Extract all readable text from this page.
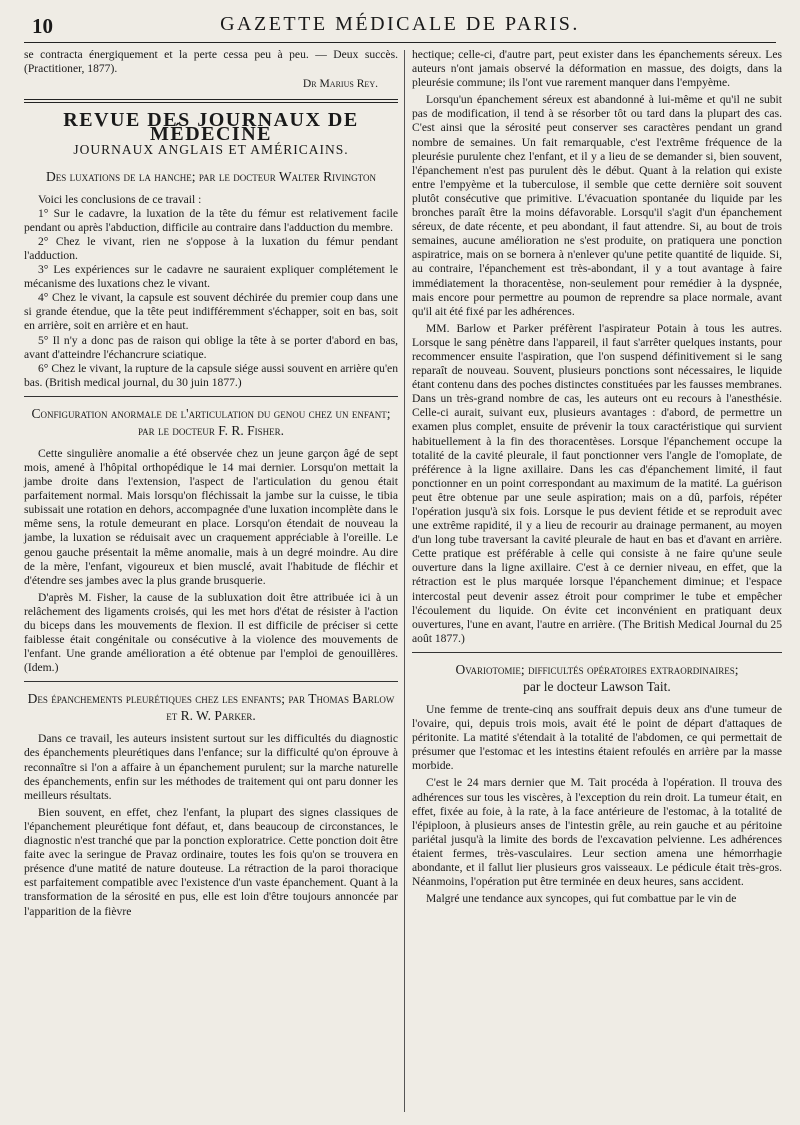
10	GAZETTE MÉDICALE DE PARIS.

se contracta énergiquement et la perte cessa peu à peu. — Deux succès. (Practitioner, 1877).

Dr Marius Rey.

REVUE DES JOURNAUX DE MÉDECINE
JOURNAUX ANGLAIS ET AMÉRICAINS.
Des luxations de la hanche; par le docteur Walter Rivington

Voici les conclusions de ce travail :

1° Sur le cadavre, la luxation de la tête du fémur est relativement facile pendant ou après l'abduction, difficile au contraire dans l'adduction du membre.

2° Chez le vivant, rien ne s'oppose à la luxation du fémur pendant l'adduction.

3° Les expériences sur le cadavre ne sauraient expliquer complétement le mécanisme des luxations chez le vivant.

4° Chez le vivant, la capsule est souvent déchirée du premier coup dans une si grande étendue, que la tête peut indifféremment s'échapper, soit en bas, soit en arrière, soit en arrière et en haut.

5° Il n'y a donc pas de raison qui oblige la tête à se porter d'abord en bas, avant d'atteindre l'échancrure sciatique.

6° Chez le vivant, la rupture de la capsule siége aussi souvent en arrière qu'en bas. (British medical journal, du 30 juin 1877.)

Configuration anormale de l'articulation du genou chez un enfant; par le docteur F. R. Fisher.

Cette singulière anomalie a été observée chez un jeune garçon âgé de sept mois, amené à l'hôpital orthopédique le 14 mai dernier. Lorsqu'on mettait la jambe droite dans l'extension, l'aspect de l'articulation du genou était parfaitement normal. Mais lorsqu'on fléchissait la jambe sur la cuisse, le tibia subissait une rotation en dehors, accompagnée d'une luxation incomplète dans le même sens, la rotule demeurant en place. Lorsqu'on étendait de nouveau la jambe, la luxation se réduisait avec un craquement appréciable à l'oreille. Le genou gauche présentait la même anomalie, mais à un degré moindre. Au dire de la mère, l'enfant, vigoureux et bien musclé, avait l'habitude de fléchir et d'étendre ses jambes avec la plus grande brusquerie.

D'après M. Fisher, la cause de la subluxation doit être attribuée ici à un relâchement des ligaments croisés, qui les met hors d'état de résister à l'action du biceps dans les mouvements de flexion. Il est difficile de préciser si cette faiblesse était congénitale ou consécutive à la violence des mouvements de l'enfant. Une grande amélioration a été obtenue par l'emploi de genouillères. (Idem.)

Des épanchements pleurétiques chez les enfants; par Thomas Barlow et R. W. Parker.

Dans ce travail, les auteurs insistent surtout sur les difficultés du diagnostic des épanchements pleurétiques dans l'enfance; sur la difficulté qu'on éprouve à reconnaître si l'on a affaire à un épanchement purulent; sur la marche naturelle des épanchements, enfin sur les méthodes de traitement qui ont paru donner les meilleurs résultats.

Bien souvent, en effet, chez l'enfant, la plupart des signes classiques de l'épanchement pleurétique font défaut, et, dans beaucoup de circonstances, le diagnostic n'est tranché que par la ponction exploratrice. Cette ponction doit être faite avec la seringue de Pravaz ordinaire, toutes les fois qu'on se trouvera en présence d'une matité de nature douteuse. La rétraction de la paroi thoracique est parfaitement compatible avec l'existence d'un vaste épanchement. Quant à la transformation de la sérosité en pus, elle est loin d'être toujours annoncée par l'apparition de la fièvre

hectique; celle-ci, d'autre part, peut exister dans les épanchements séreux. Les auteurs n'ont jamais observé la déformation en massue, des doigts, dans la pleurésie commune; ils l'ont vue rarement manquer dans l'empyème.

Lorsqu'un épanchement séreux est abandonné à lui-même et qu'il ne subit pas de modification, il tend à se résorber tôt ou tard dans la plupart des cas. C'est ainsi que la sérosité peut conserver ses caractères pendant un grand nombre de semaines. Un fait remarquable, c'est l'extrême fréquence de la pleurésie purulente chez l'enfant, et il y a lieu de se demander si, bien souvent, l'épanchement n'est pas purulent dès le début. Quant à la relation qui existe entre l'empyème et la tuberculose, il semble que cette dernière soit souvent plutôt consécutive que primitive. L'évacuation spontanée du liquide par les bronches paraît être la moins défavorable. Lorsqu'il s'agit d'un épanchement séreux, de date récente, et peu abondant, il faut attendre. Si, au bout de trois semaines, aucune amélioration ne s'est produite, on pratiquera une ponction aspiratrice, mais on se bornera à n'enlever qu'une petite quantité de liquide. Si, au contraire, l'épanchement est très-abondant, il y a tout avantage à faire immédiatement la thoracentèse, non-seulement pour remédier à la dyspnée, mais encore pour permettre au poumon de reprendre sa place normale, avant qu'il ait été fixé par les adhérences.

MM. Barlow et Parker préfèrent l'aspirateur Potain à tous les autres. Lorsque le sang pénètre dans l'appareil, il faut s'arrêter quelques instants, pour recommencer ensuite l'aspiration, que l'on suspend définitivement si le sang reparaît de nouveau. Souvent, plusieurs ponctions sont nécessaires, le liquide étant contenu dans des poches distinctes constituées par les fausses membranes. Dans un très-grand nombre de cas, les auteurs ont eu recours à l'anesthésie. Celle-ci aurait, suivant eux, plusieurs avantages : d'abord, de permettre un examen plus complet, ensuite de prévenir la toux caractéristique qui survient habituellement à la fin des thoracentèses. Lorsque l'épanchement occupe la totalité de la cavité pleurale, il faut ponctionner vers l'angle de l'omoplate, de préférence à la ligne axillaire. Dans les cas d'épanchement limité, il faut ponctionner en un point correspondant au maximum de la matité. La guérison peut être obtenue par une seule aspiration; mais on a dû, parfois, répéter l'opération jusqu'à six fois. Lorsque le pus devient fétide et se reproduit avec une extrême rapidité, il y a lieu de recourir au drainage permanent, au moyen d'un long tube traversant la cavité pleurale de haut en bas et d'avant en arrière. Cette pratique est préférable à celle qui consiste à ne faire qu'une seule ouverture dans la ligne axillaire. C'est à ce dernier niveau, en effet, que la rétraction est le plus marquée lorsque l'épanchement diminue; et l'espace intercostal peut devenir assez étroit pour comprimer le tube et empêcher l'écoulement du liquide. On évite cet inconvénient en pratiquant deux ouvertures, l'une en avant, l'autre en arrière. (The British Medical Journal du 25 août 1877.)

Ovariotomie; difficultés opératoires extraordinaires;
par le docteur Lawson Tait.

Une femme de trente-cinq ans souffrait depuis deux ans d'une tumeur de l'ovaire, qui, depuis trois mois, avait été le point de départ d'attaques de péritonite. La matité s'étendait à la totalité de l'abdomen, ce qui permettait de présumer que l'estomac et les intestins étaient refoulés en arrière par la masse morbide.

C'est le 24 mars dernier que M. Tait procéda à l'opération. Il trouva des adhérences sur tous les viscères, à l'exception du rein droit. La tumeur était, en effet, fixée au foie, à la rate, à la face antérieure de l'estomac, à la totalité de l'épiploon, à plusieurs anses de l'intestin grêle, au rein gauche et au péritoine pariétal jusqu'à la limite des bords de l'excavation pelvienne. Les adhérences étaient fermes, très-vasculaires. Leur section amena une hémorrhagie abondante, et il fallut lier plusieurs gros vaisseaux. Le pédicule était très-gros. Néanmoins, l'opération put être terminée en deux heures, sans accident.

Malgré une tendance aux syncopes, qui fut combattue par le vin de
